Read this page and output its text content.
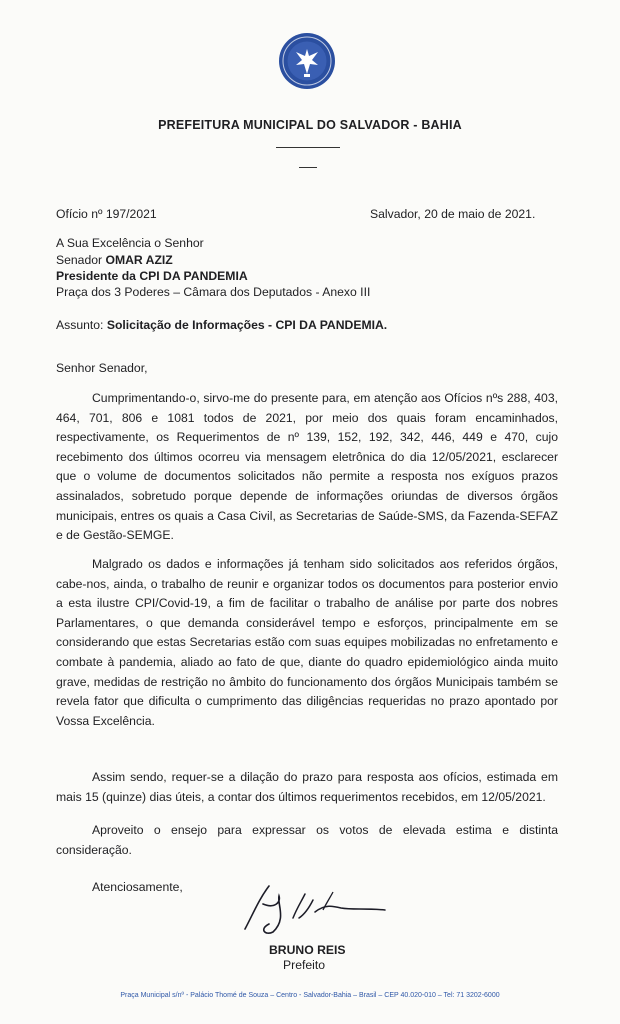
PREFEITURA MUNICIPAL DO SALVADOR - BAHIA
Ofício nº 197/2021	Salvador, 20 de maio de 2021.
A Sua Excelência o Senhor
Senador OMAR AZIZ
Presidente da CPI DA PANDEMIA
Praça dos 3 Poderes – Câmara dos Deputados - Anexo III
Assunto: Solicitação de Informações - CPI DA PANDEMIA.
Senhor Senador,
Cumprimentando-o, sirvo-me do presente para, em atenção aos Ofícios nºs 288, 403, 464, 701, 806 e 1081 todos de 2021, por meio dos quais foram encaminhados, respectivamente, os Requerimentos de nº 139, 152, 192, 342, 446, 449 e 470, cujo recebimento dos últimos ocorreu via mensagem eletrônica do dia 12/05/2021, esclarecer que o volume de documentos solicitados não permite a resposta nos exíguos prazos assinalados, sobretudo porque depende de informações oriundas de diversos órgãos municipais, entres os quais a Casa Civil, as Secretarias de Saúde-SMS, da Fazenda-SEFAZ e de Gestão-SEMGE.
Malgrado os dados e informações já tenham sido solicitados aos referidos órgãos, cabe-nos, ainda, o trabalho de reunir e organizar todos os documentos para posterior envio a esta ilustre CPI/Covid-19, a fim de facilitar o trabalho de análise por parte dos nobres Parlamentares, o que demanda considerável tempo e esforços, principalmente em se considerando que estas Secretarias estão com suas equipes mobilizadas no enfretamento e combate à pandemia, aliado ao fato de que, diante do quadro epidemiológico ainda muito grave, medidas de restrição no âmbito do funcionamento dos órgãos Municipais também se revela fator que dificulta o cumprimento das diligências requeridas no prazo apontado por Vossa Excelência.
Assim sendo, requer-se a dilação do prazo para resposta aos ofícios, estimada em mais 15 (quinze) dias úteis, a contar dos últimos requerimentos recebidos, em 12/05/2021.
Aproveito o ensejo para expressar os votos de elevada estima e distinta consideração.
Atenciosamente,
BRUNO REIS
Prefeito
Praça Municipal s/nº - Palácio Thomé de Souza – Centro - Salvador-Bahia – Brasil – CEP 40.020-010 – Tel: 71 3202-6000
